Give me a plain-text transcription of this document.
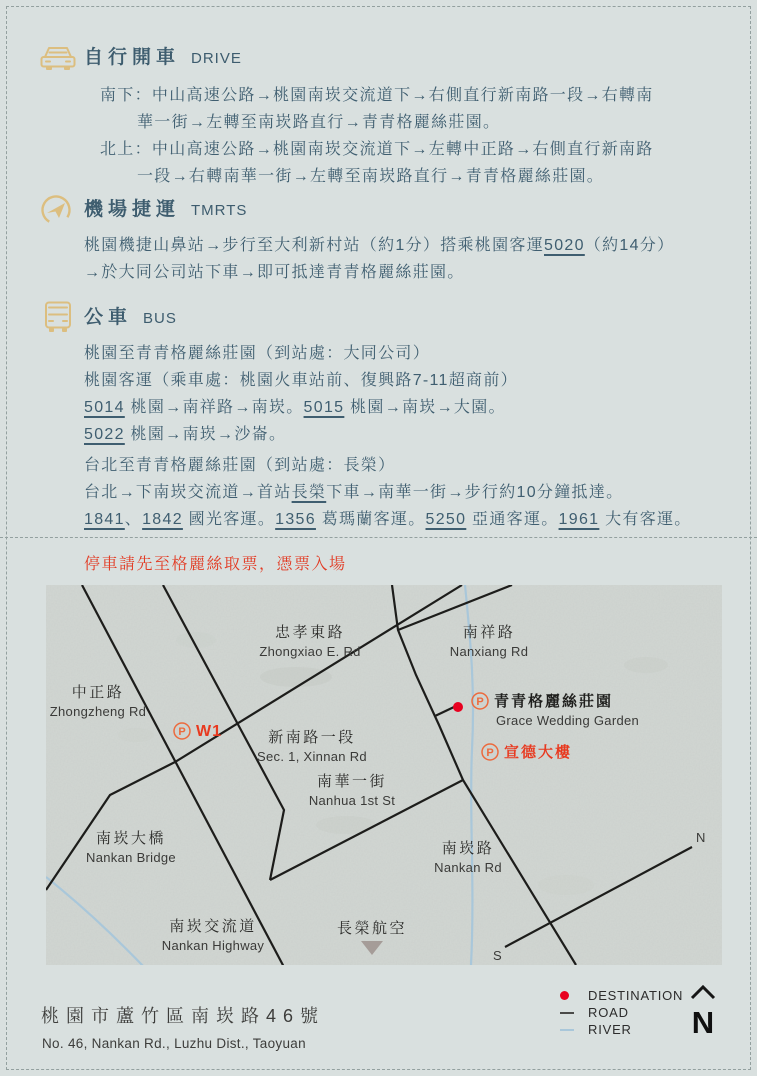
自行開車 DRIVE
南下：中山高速公路→桃園南崁交流道下→右側直行新南路一段→右轉南
華一街→左轉至南崁路直行→青青格麗絲莊園。
北上：中山高速公路→桃園南崁交流道下→左轉中正路→右側直行新南路
一段→右轉南華一街→左轉至南崁路直行→青青格麗絲莊園。
機場捷運 TMRTS
桃園機捷山鼻站→步行至大利新村站（約1分）搭乘桃園客運5020（約14分）
→於大同公司站下車→即可抵達青青格麗絲莊園。
公車 BUS
桃園至青青格麗絲莊園（到站處：大同公司）
桃園客運（乘車處：桃園火車站前、復興路7-11超商前）
5014 桃園→南祥路→南崁。5015 桃園→南崁→大園。
5022 桃園→南崁→沙崙。
台北至青青格麗絲莊園（到站處：長榮）
台北→下南崁交流道→首站長榮下車→南華一街→步行約10分鐘抵達。
1841、1842 國光客運。1356 葛瑪蘭客運。5250 亞通客運。1961 大有客運。
停車請先至格麗絲取票，憑票入場
忠孝東路
Zhongxiao E. Rd
南祥路
Nanxiang Rd
中正路
Zhongzheng Rd
新南路一段
Sec. 1, Xinnan Rd
南華一街
Nanhua 1st St
南崁大橋
Nankan Bridge
南崁路
Nankan Rd
南崁交流道
Nankan Highway
長榮航空
P W1
P 青青格麗絲莊園
Grace Wedding Garden
P 宣德大樓
N
S
桃園市蘆竹區南崁路46號
No. 46, Nankan Rd., Luzhu Dist., Taoyuan
DESTINATION
ROAD
RIVER N
